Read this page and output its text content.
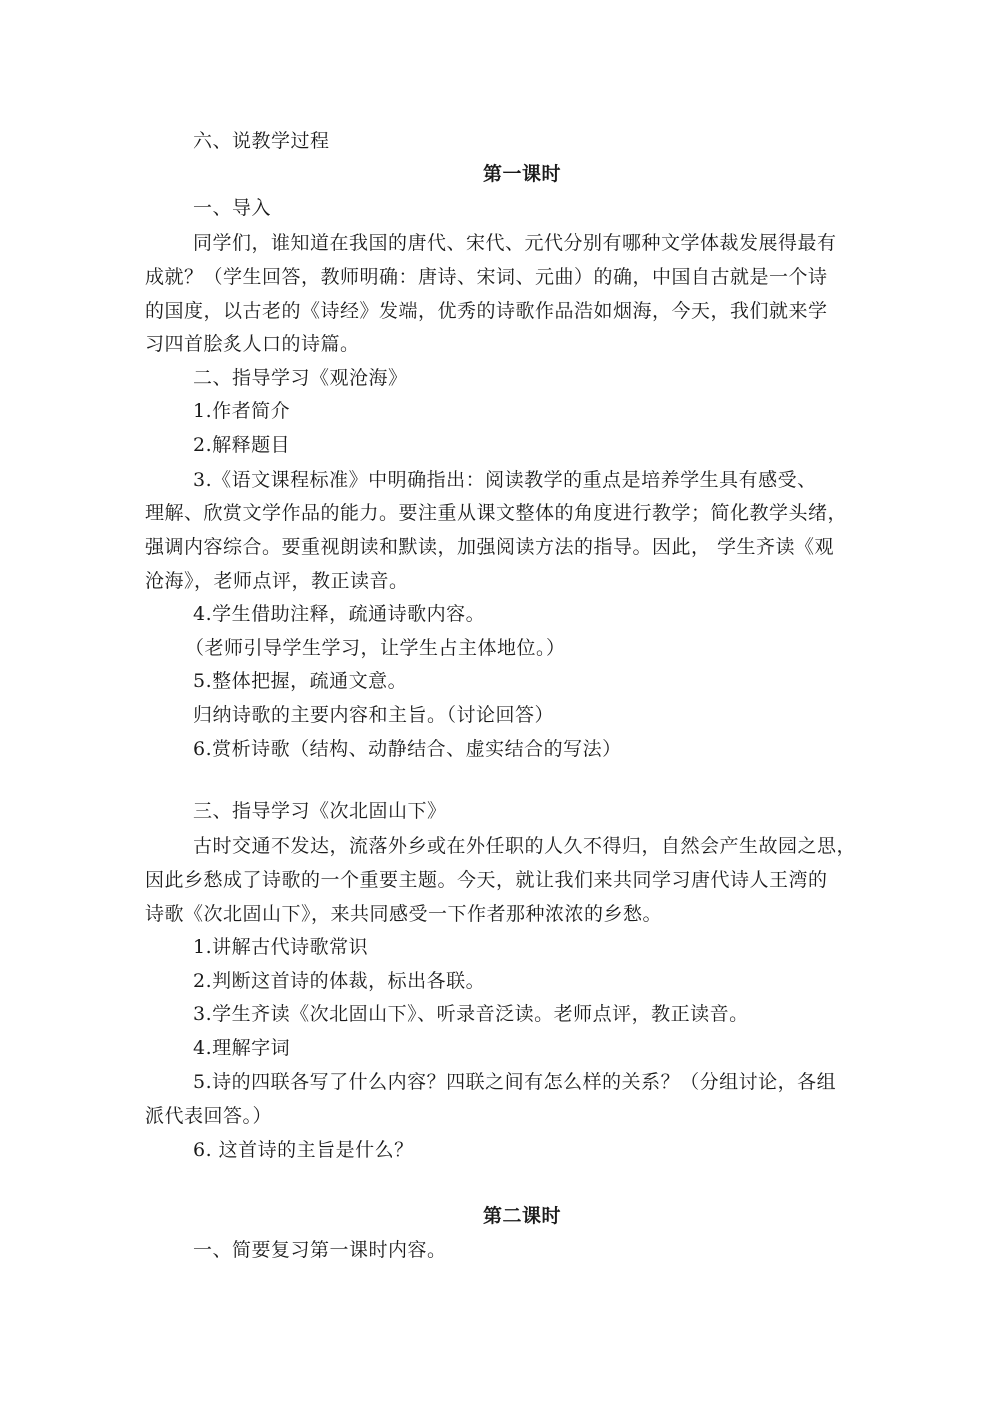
六、说教学过程
第一课时
一、导入
同学们，谁知道在我国的唐代、宋代、元代分别有哪种文学体裁发展得最有
成就？（学生回答，教师明确：唐诗、宋词、元曲）的确，中国自古就是一个诗
的国度，以古老的《诗经》发端，优秀的诗歌作品浩如烟海，今天，我们就来学
习四首脍炙人口的诗篇。
二、指导学习《观沧海》
1.作者简介
2.解释题目
3.《语文课程标准》中明确指出：阅读教学的重点是培养学生具有感受、
理解、欣赏文学作品的能力。要注重从课文整体的角度进行教学；简化教学头绪，
强调内容综合。要重视朗读和默读，加强阅读方法的指导。因此， 学生齐读《观
沧海》，老师点评，教正读音。
4.学生借助注释，疏通诗歌内容。
（老师引导学生学习，让学生占主体地位。）
5.整体把握，疏通文意。
归纳诗歌的主要内容和主旨。（讨论回答）
6.赏析诗歌（结构、动静结合、虚实结合的写法）
三、指导学习《次北固山下》
古时交通不发达，流落外乡或在外任职的人久不得归，自然会产生故园之思，
因此乡愁成了诗歌的一个重要主题。今天，就让我们来共同学习唐代诗人王湾的
诗歌《次北固山下》，来共同感受一下作者那种浓浓的乡愁。
1.讲解古代诗歌常识
2.判断这首诗的体裁，标出各联。
3.学生齐读《次北固山下》、听录音泛读。老师点评，教正读音。
4.理解字词
5.诗的四联各写了什么内容？四联之间有怎么样的关系？（分组讨论，各组
派代表回答。）
6. 这首诗的主旨是什么？
第二课时
一、简要复习第一课时内容。
